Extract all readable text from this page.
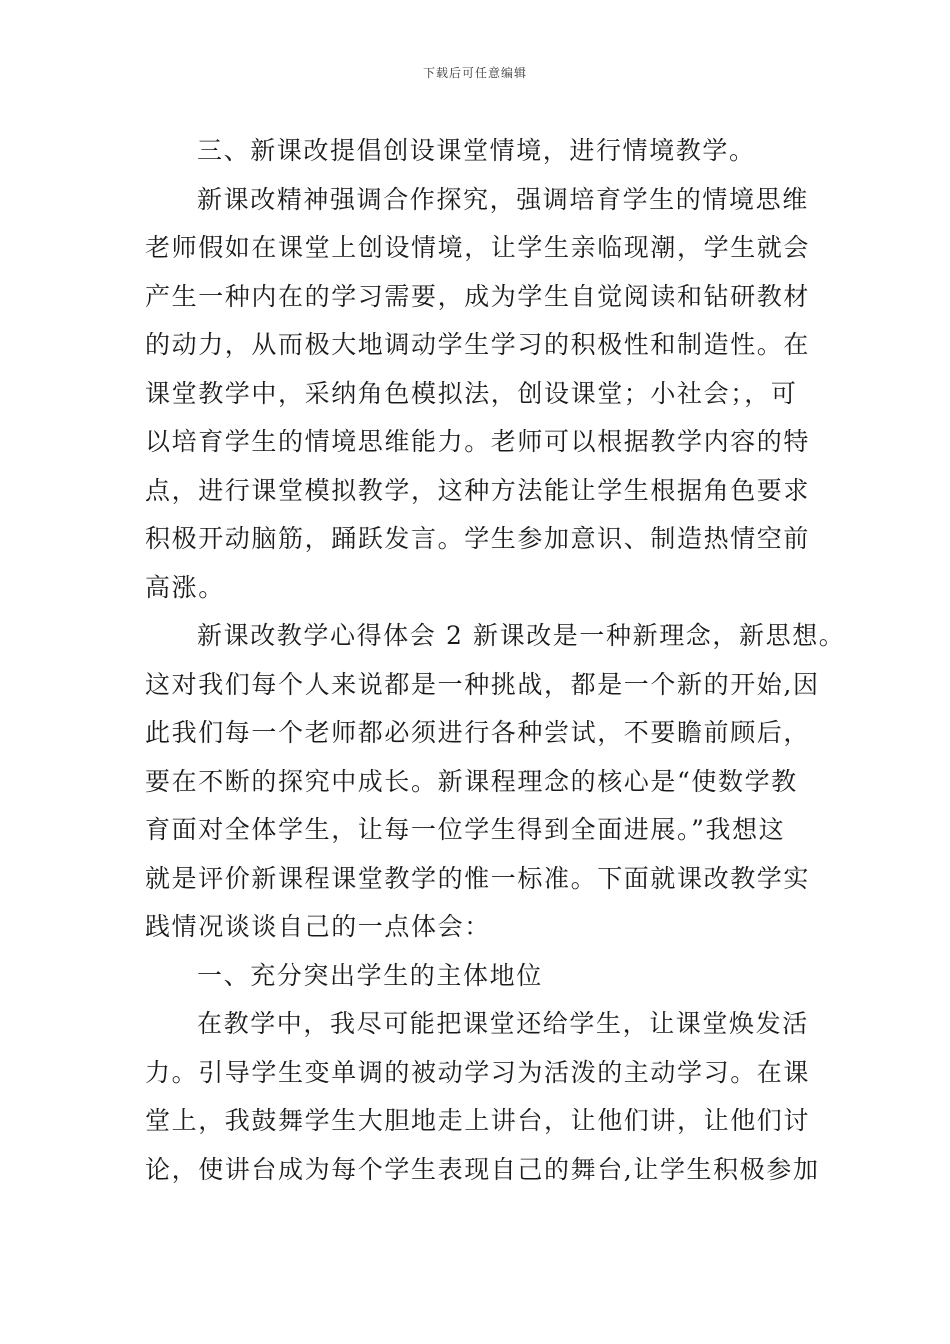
下载后可任意编辑
三、新课改提倡创设课堂情境，进行情境教学。
新课改精神强调合作探究，强调培育学生的情境思维
老师假如在课堂上创设情境，让学生亲临现潮，学生就会
产生一种内在的学习需要，成为学生自觉阅读和钻研教材
的动力，从而极大地调动学生学习的积极性和制造性。在
课堂教学中，采纳角色模拟法，创设课堂；小社会；，可
以培育学生的情境思维能力。老师可以根据教学内容的特
点，进行课堂模拟教学，这种方法能让学生根据角色要求
积极开动脑筋，踊跃发言。学生参加意识、制造热情空前
高涨。
新课改教学心得体会 2 新课改是一种新理念，新思想。
这对我们每个人来说都是一种挑战，都是一个新的开始,因
此我们每一个老师都必须进行各种尝试，不要瞻前顾后，
要在不断的探究中成长。新课程理念的核心是“使数学教
育面对全体学生，让每一位学生得到全面进展。”我想这
就是评价新课程课堂教学的惟一标准。下面就课改教学实
践情况谈谈自己的一点体会：
一、充分突出学生的主体地位
在教学中，我尽可能把课堂还给学生，让课堂焕发活
力。引导学生变单调的被动学习为活泼的主动学习。在课
堂上，我鼓舞学生大胆地走上讲台，让他们讲，让他们讨
论，使讲台成为每个学生表现自己的舞台,让学生积极参加
